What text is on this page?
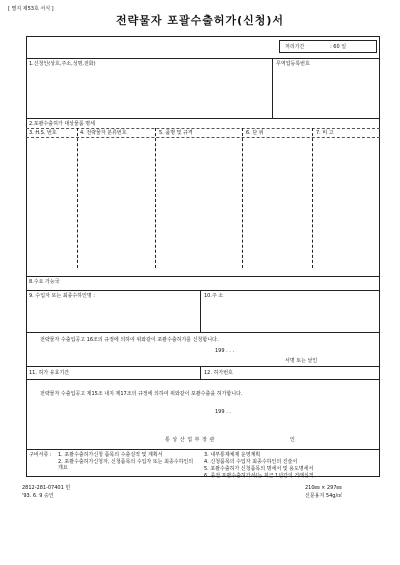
[ 별지 제53호 서식 ]
전략물자 포괄수출허가(신청)서
처리기간	: 60 일
1.신청인(상호,주소,성명,전화)	무역업등록번호
2.포괄수출허가 대상물품 명세
3. H.S. 번호	4. 전략물자 분류번호	5. 품명 및 규격	6. 단 위	7. 비 고
8.수요 가능국
9. 수입자 또는 최종수하인명 :	10.주 소
전략물자 수출입공고 16조의 규정에 의하여 위와같이 포괄수출허가를 신청합니다.
199 . . .
서명 또는 날인
11. 허가 유효기간	12. 허가번호
전략물자 수출입공고 제15조 내지 제17조의 규정에 의하여 위와같이 포괄수출을 허가합니다.
199 . .
통 상 산 업 부 장 관	인
구비서류 : 1. 포괄수출허가신청 품목의 수출실적 및 계획서
2. 포괄수출허가신청자, 신청품목의 수입자 또는 최종수하인의 개요
3. 내부통제체제 운영계획
4. 신청품목의 수입자 최종수하인의 진술서
5. 포괄수출허가 신청품목의 명세서 및 용도명세서
6. 종전 포괄수출허가서(는 최근 1년간의 거래실적
2812-281-07401 민
'93. 6. 9 승인
210㎜ × 297㎜
신문용지 54g/㎡
